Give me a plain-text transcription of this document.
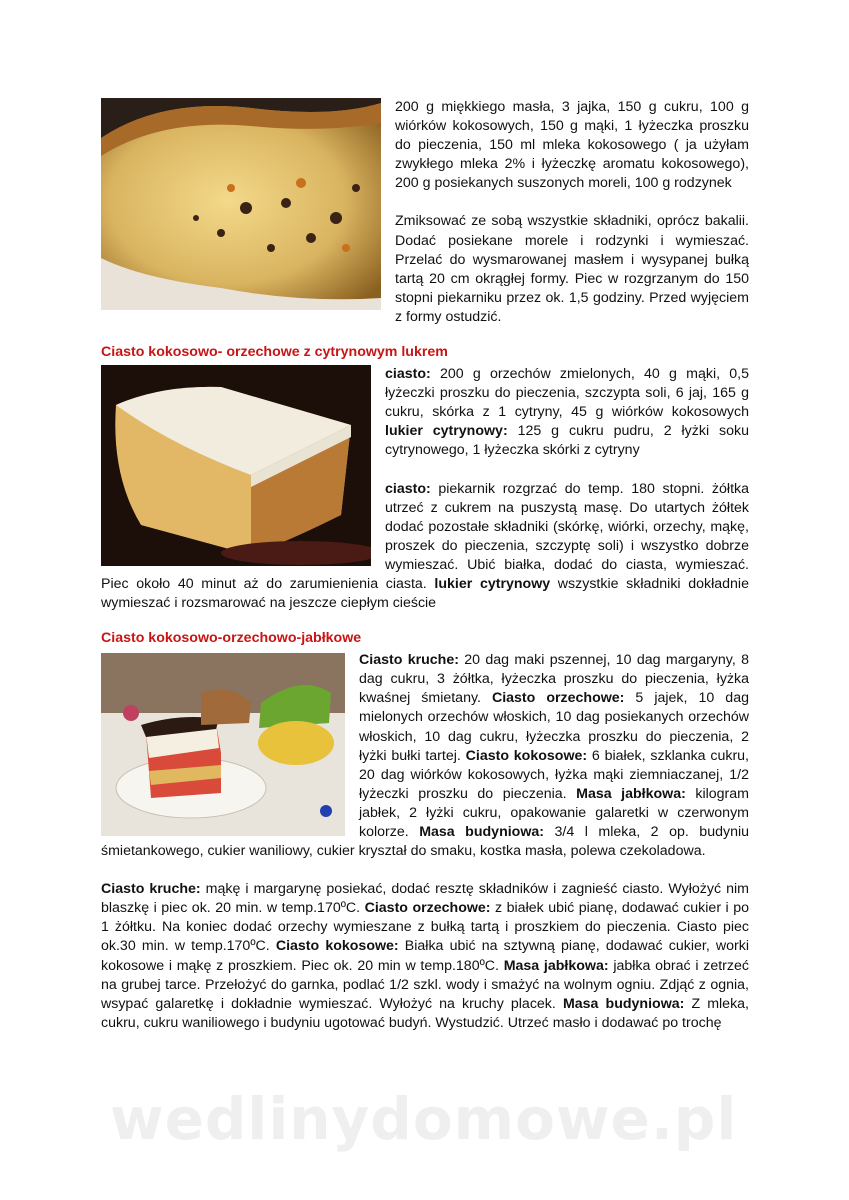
200 g miękkiego masła, 3 jajka, 150 g cukru, 100 g wiórków kokosowych, 150 g mąki, 1 łyżeczka proszku do pieczenia, 150 ml mleka kokosowego ( ja użyłam zwykłego mleka 2% i łyżeczkę aromatu kokosowego), 200 g posiekanych suszonych moreli, 100 g rodzynek

Zmiksować ze sobą wszystkie składniki, oprócz bakalii. Dodać posiekane morele i rodzynki i wymieszać. Przelać do wysmarowanej masłem i wysypanej bułką tartą 20 cm okrągłej formy. Piec w rozgrzanym do 150 stopni piekarniku przez ok. 1,5 godziny. Przed wyjęciem z formy ostudzić.

Ciasto kokosowo- orzechowe z cytrynowym lukrem

ciasto: 200 g orzechów zmielonych, 40 g mąki, 0,5 łyżeczki proszku do pieczenia, szczypta soli, 6 jaj, 165 g cukru, skórka z 1 cytryny, 45 g wiórków kokosowych lukier cytrynowy: 125 g cukru pudru, 2 łyżki soku cytrynowego, 1 łyżeczka skórki z cytryny

ciasto: piekarnik rozgrzać do temp. 180 stopni. żółtka utrzeć z cukrem na puszystą masę. Do utartych żółtek dodać pozostałe składniki (skórkę, wiórki, orzechy, mąkę, proszek do pieczenia, szczyptę soli) i wszystko dobrze wymieszać. Ubić białka, dodać do ciasta, wymieszać. Piec około 40 minut aż do zarumienienia ciasta. lukier cytrynowy wszystkie składniki dokładnie wymieszać i rozsmarować na jeszcze ciepłym cieście

Ciasto kokosowo-orzechowo-jabłkowe

Ciasto kruche: 20 dag maki pszennej, 10 dag margaryny, 8 dag cukru, 3 żółtka, łyżeczka proszku do pieczenia, łyżka kwaśnej śmietany. Ciasto orzechowe: 5 jajek, 10 dag mielonych orzechów włoskich, 10 dag posiekanych orzechów włoskich, 10 dag cukru, łyżeczka proszku do pieczenia, 2 łyżki bułki tartej. Ciasto kokosowe: 6 białek, szklanka cukru, 20 dag wiórków kokosowych, łyżka mąki ziemniaczanej, 1/2 łyżeczki proszku do pieczenia. Masa jabłkowa: kilogram jabłek, 2 łyżki cukru, opakowanie galaretki w czerwonym kolorze. Masa budyniowa: 3/4 l mleka, 2 op. budyniu śmietankowego, cukier waniliowy, cukier kryształ do smaku, kostka masła, polewa czekoladowa.

Ciasto kruche: mąkę i margarynę posiekać, dodać resztę składników i zagnieść ciasto. Wyłożyć nim blaszkę i piec ok. 20 min. w temp.170ºC. Ciasto orzechowe: z białek ubić pianę, dodawać cukier i po 1 żółtku. Na koniec dodać orzechy wymieszane z bułką tartą i proszkiem do pieczenia. Ciasto piec ok.30 min. w temp.170ºC. Ciasto kokosowe: Białka ubić na sztywną pianę, dodawać cukier, worki kokosowe i mąkę z proszkiem. Piec ok. 20 min w temp.180ºC. Masa jabłkowa: jabłka obrać i zetrzeć na grubej tarce. Przełożyć do garnka, podlać 1/2 szkl. wody i smażyć na wolnym ogniu. Zdjąć z ognia, wsypać galaretkę i dokładnie wymieszać. Wyłożyć na kruchy placek. Masa budyniowa: Z mleka, cukru, cukru waniliowego i budyniu ugotować budyń. Wystudzić. Utrzeć masło i dodawać po trochę

wedlinydomowe.pl
